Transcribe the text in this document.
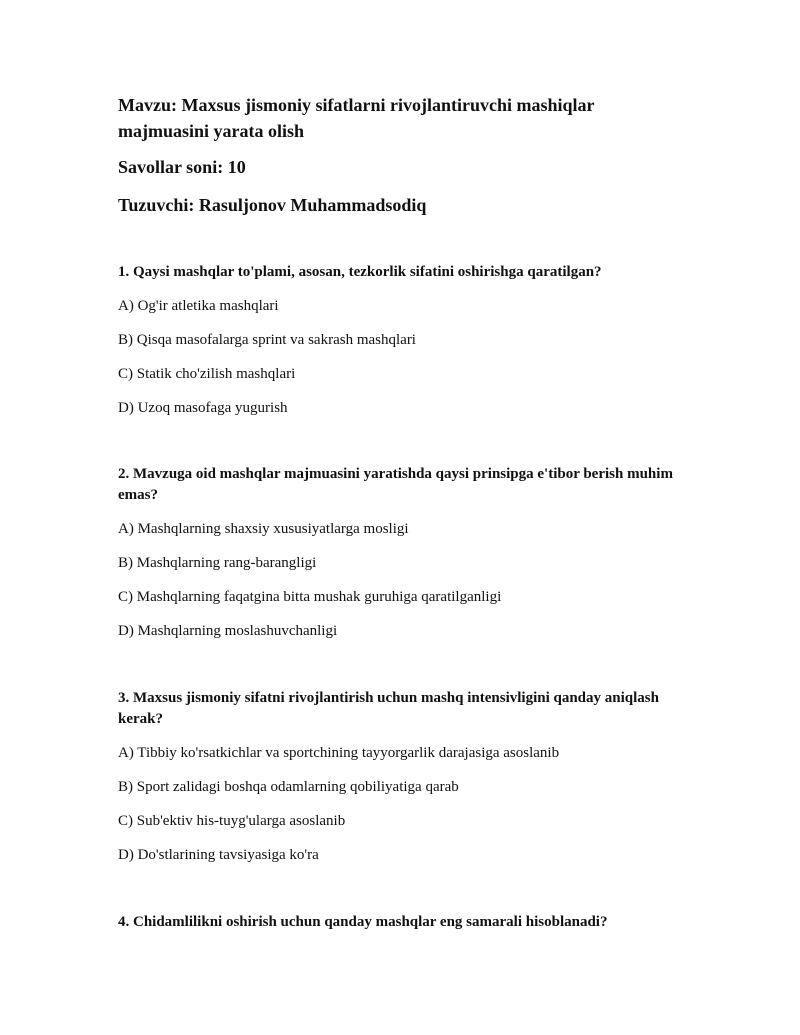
Mavzu: Maxsus jismoniy sifatlarni rivojlantiruvchi mashiqlar majmuasini yarata olish

Savollar soni: 10

Tuzuvchi: Rasuljonov Muhammadsodiq

1. Qaysi mashqlar to'plami, asosan, tezkorlik sifatini oshirishga qaratilgan?

A) Og'ir atletika mashqlari
B) Qisqa masofalarga sprint va sakrash mashqlari
C) Statik cho'zilish mashqlari
D) Uzoq masofaga yugurish

2. Mavzuga oid mashqlar majmuasini yaratishda qaysi prinsipga e'tibor berish muhim emas?

A) Mashqlarning shaxsiy xususiyatlarga mosligi
B) Mashqlarning rang-barangligi
C) Mashqlarning faqatgina bitta mushak guruhiga qaratilganligi
D) Mashqlarning moslashuvchanligi

3. Maxsus jismoniy sifatni rivojlantirish uchun mashq intensivligini qanday aniqlash kerak?

A) Tibbiy ko'rsatkichlar va sportchining tayyorgarlik darajasiga asoslanib
B) Sport zalidagi boshqa odamlarning qobiliyatiga qarab
C) Sub'ektiv his-tuyg'ularga asoslanib
D) Do'stlarining tavsiyasiga ko'ra

4. Chidamlilikni oshirish uchun qanday mashqlar eng samarali hisoblanadi?
